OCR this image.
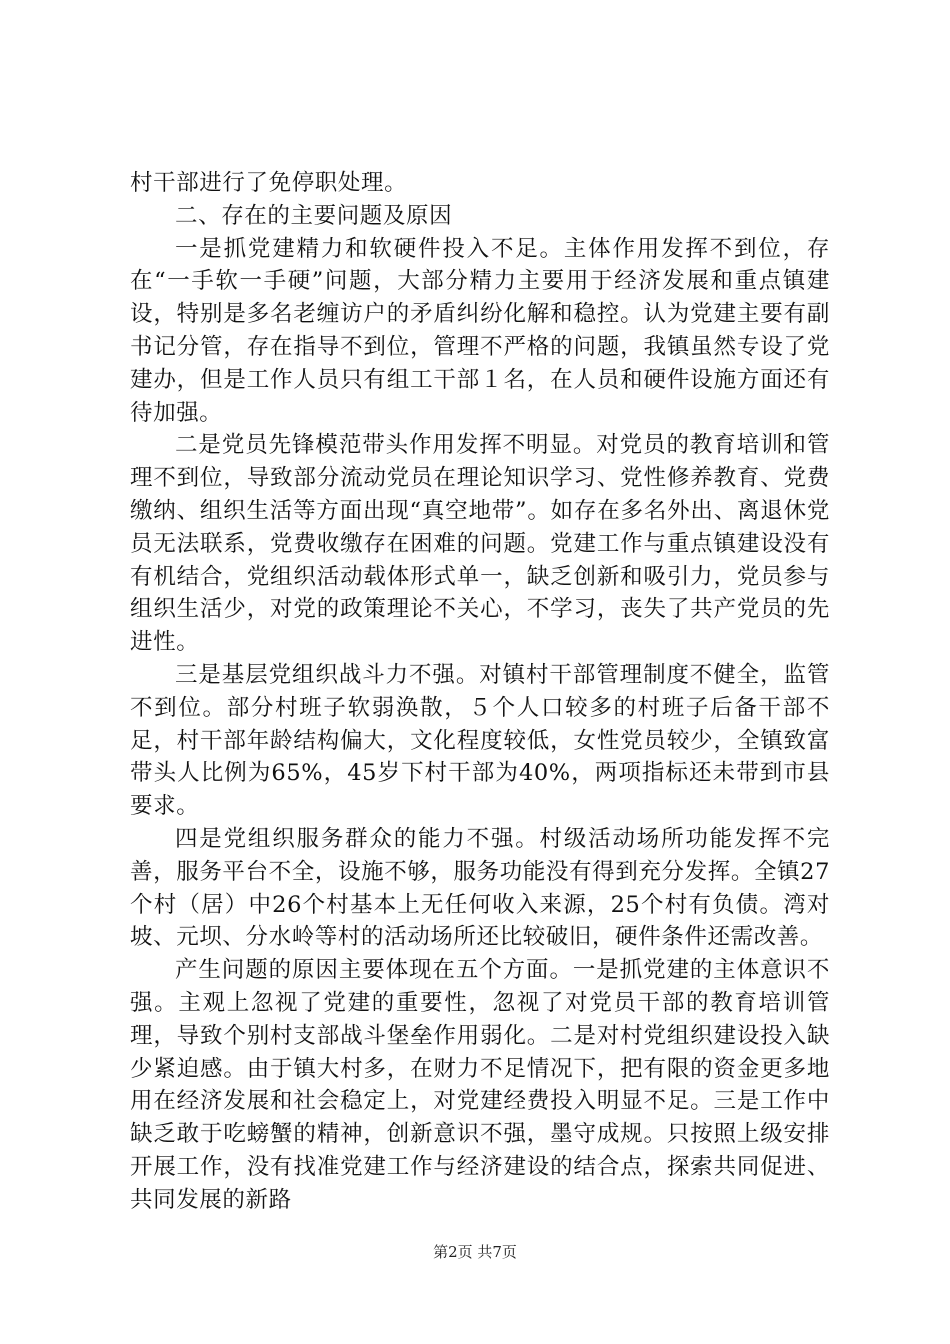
村干部进行了免停职处理。

二、存在的主要问题及原因

一是抓党建精力和软硬件投入不足。主体作用发挥不到位，存在“一手软一手硬”问题，大部分精力主要用于经济发展和重点镇建设，特别是多名老缠访户的矛盾纠纷化解和稳控。认为党建主要有副书记分管，存在指导不到位，管理不严格的问题，我镇虽然专设了党建办，但是工作人员只有组工干部１名，在人员和硬件设施方面还有待加强。

二是党员先锋模范带头作用发挥不明显。对党员的教育培训和管理不到位，导致部分流动党员在理论知识学习、党性修养教育、党费缴纳、组织生活等方面出现“真空地带”。如存在多名外出、离退休党员无法联系，党费收缴存在困难的问题。党建工作与重点镇建设没有有机结合，党组织活动载体形式单一，缺乏创新和吸引力，党员参与组织生活少，对党的政策理论不关心，不学习，丧失了共产党员的先进性。

三是基层党组织战斗力不强。对镇村干部管理制度不健全，监管不到位。部分村班子软弱涣散，５个人口较多的村班子后备干部不足，村干部年龄结构偏大，文化程度较低，女性党员较少，全镇致富带头人比例为65%，45岁下村干部为40%，两项指标还未带到市县要求。

四是党组织服务群众的能力不强。村级活动场所功能发挥不完善，服务平台不全，设施不够，服务功能没有得到充分发挥。全镇27个村（居）中26个村基本上无任何收入来源，25个村有负债。湾对坡、元坝、分水岭等村的活动场所还比较破旧，硬件条件还需改善。

产生问题的原因主要体现在五个方面。一是抓党建的主体意识不强。主观上忽视了党建的重要性，忽视了对党员干部的教育培训管理，导致个别村支部战斗堡垒作用弱化。二是对村党组织建设投入缺少紧迫感。由于镇大村多，在财力不足情况下，把有限的资金更多地用在经济发展和社会稳定上，对党建经费投入明显不足。三是工作中缺乏敢于吃螃蟹的精神，创新意识不强，墨守成规。只按照上级安排开展工作，没有找准党建工作与经济建设的结合点，探索共同促进、共同发展的新路

第2页 共7页
